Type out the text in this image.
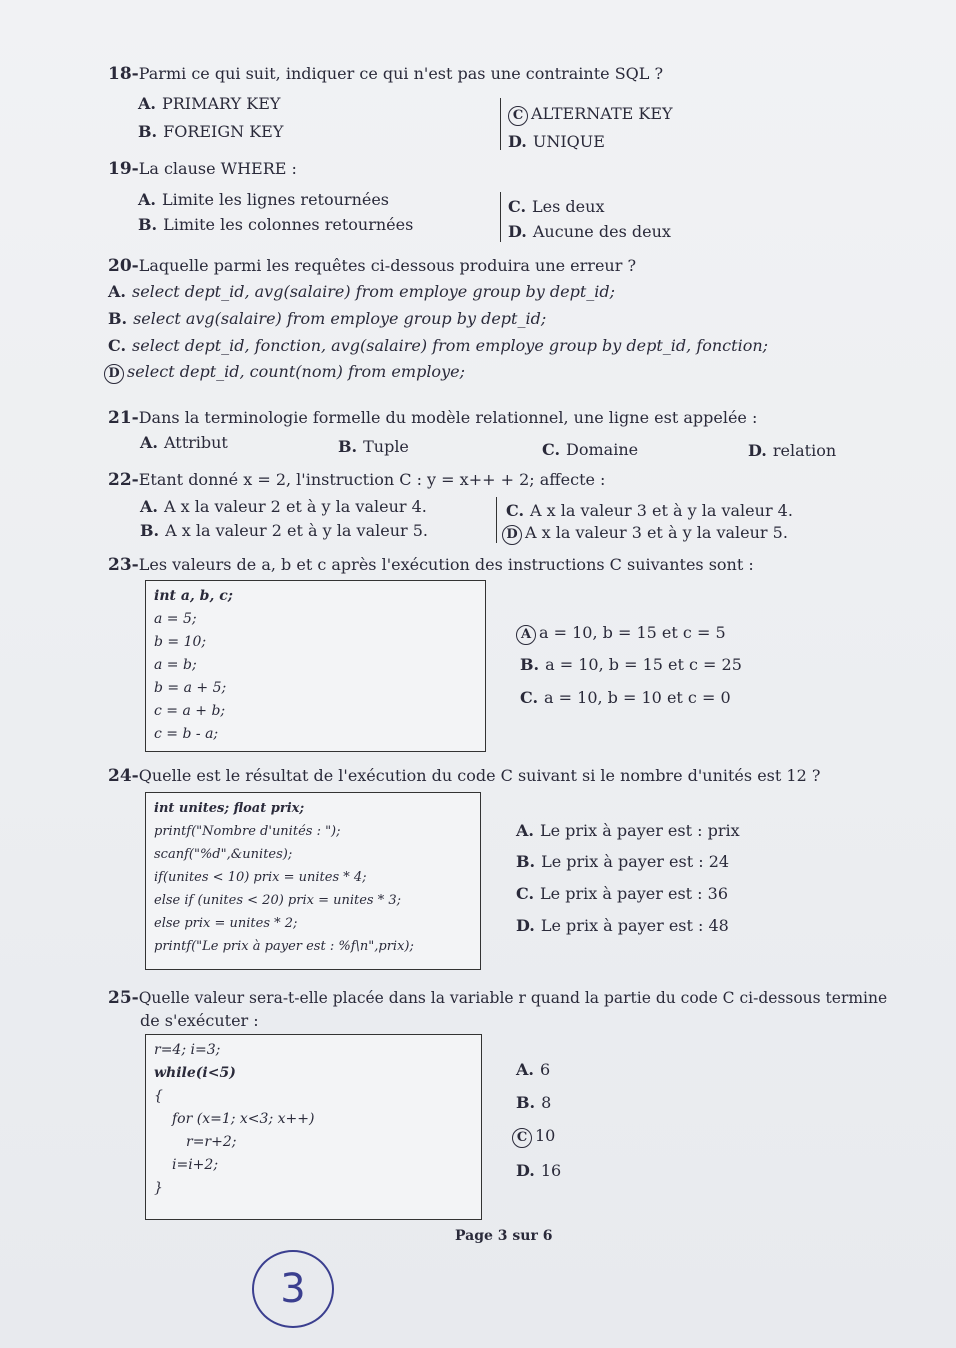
18-Parmi ce qui suit, indiquer ce qui n'est pas une contrainte SQL ?
A. PRIMARY KEY
B. FOREIGN KEY
C ALTERNATE KEY
D. UNIQUE
19-La clause WHERE :
A. Limite les lignes retournées
B. Limite les colonnes retournées
C. Les deux
D. Aucune des deux
20-Laquelle parmi les requêtes ci-dessous produira une erreur ?
A. select dept_id, avg(salaire) from employe group by dept_id;
B. select avg(salaire) from employe group by dept_id;
C. select dept_id, fonction, avg(salaire) from employe group by dept_id, fonction;
D select dept_id, count(nom) from employe;
21-Dans la terminologie formelle du modèle relationnel, une ligne est appelée :
A. Attribut	B. Tuple	C. Domaine	D. relation
22-Etant donné x = 2, l'instruction C : y = x++ + 2; affecte :
A. A x la valeur 2 et à y la valeur 4.
B. A x la valeur 2 et à y la valeur 5.
C. A x la valeur 3 et à y la valeur 4.
D A x la valeur 3 et à y la valeur 5.
23-Les valeurs de a, b et c après l'exécution des instructions C suivantes sont :
int a, b, c;
a = 5;
b = 10;
a = b;
b = a + 5;
c = a + b;
c = b - a;
A a = 10, b = 15 et c = 5
B. a = 10, b = 15 et c = 25
C. a = 10, b = 10 et c = 0
24-Quelle est le résultat de l'exécution du code C suivant si le nombre d'unités est 12 ?
int unites; float prix;
printf("Nombre d'unités : ");
scanf("%d",&unites);
if(unites < 10) prix = unites * 4;
else if (unites < 20) prix = unites * 3;
else prix = unites * 2;
printf("Le prix à payer est : %f\n",prix);
A. Le prix à payer est : prix
B. Le prix à payer est : 24
C. Le prix à payer est : 36
D. Le prix à payer est : 48
25-Quelle valeur sera-t-elle placée dans la variable r quand la partie du code C ci-dessous termine
de s'exécuter :
r=4; i=3;
while(i<5)
{
for (x=1; x<3; x++)
r=r+2;
i=i+2;
}
A. 6
B. 8
C 10
D. 16
Page 3 sur 6
3
